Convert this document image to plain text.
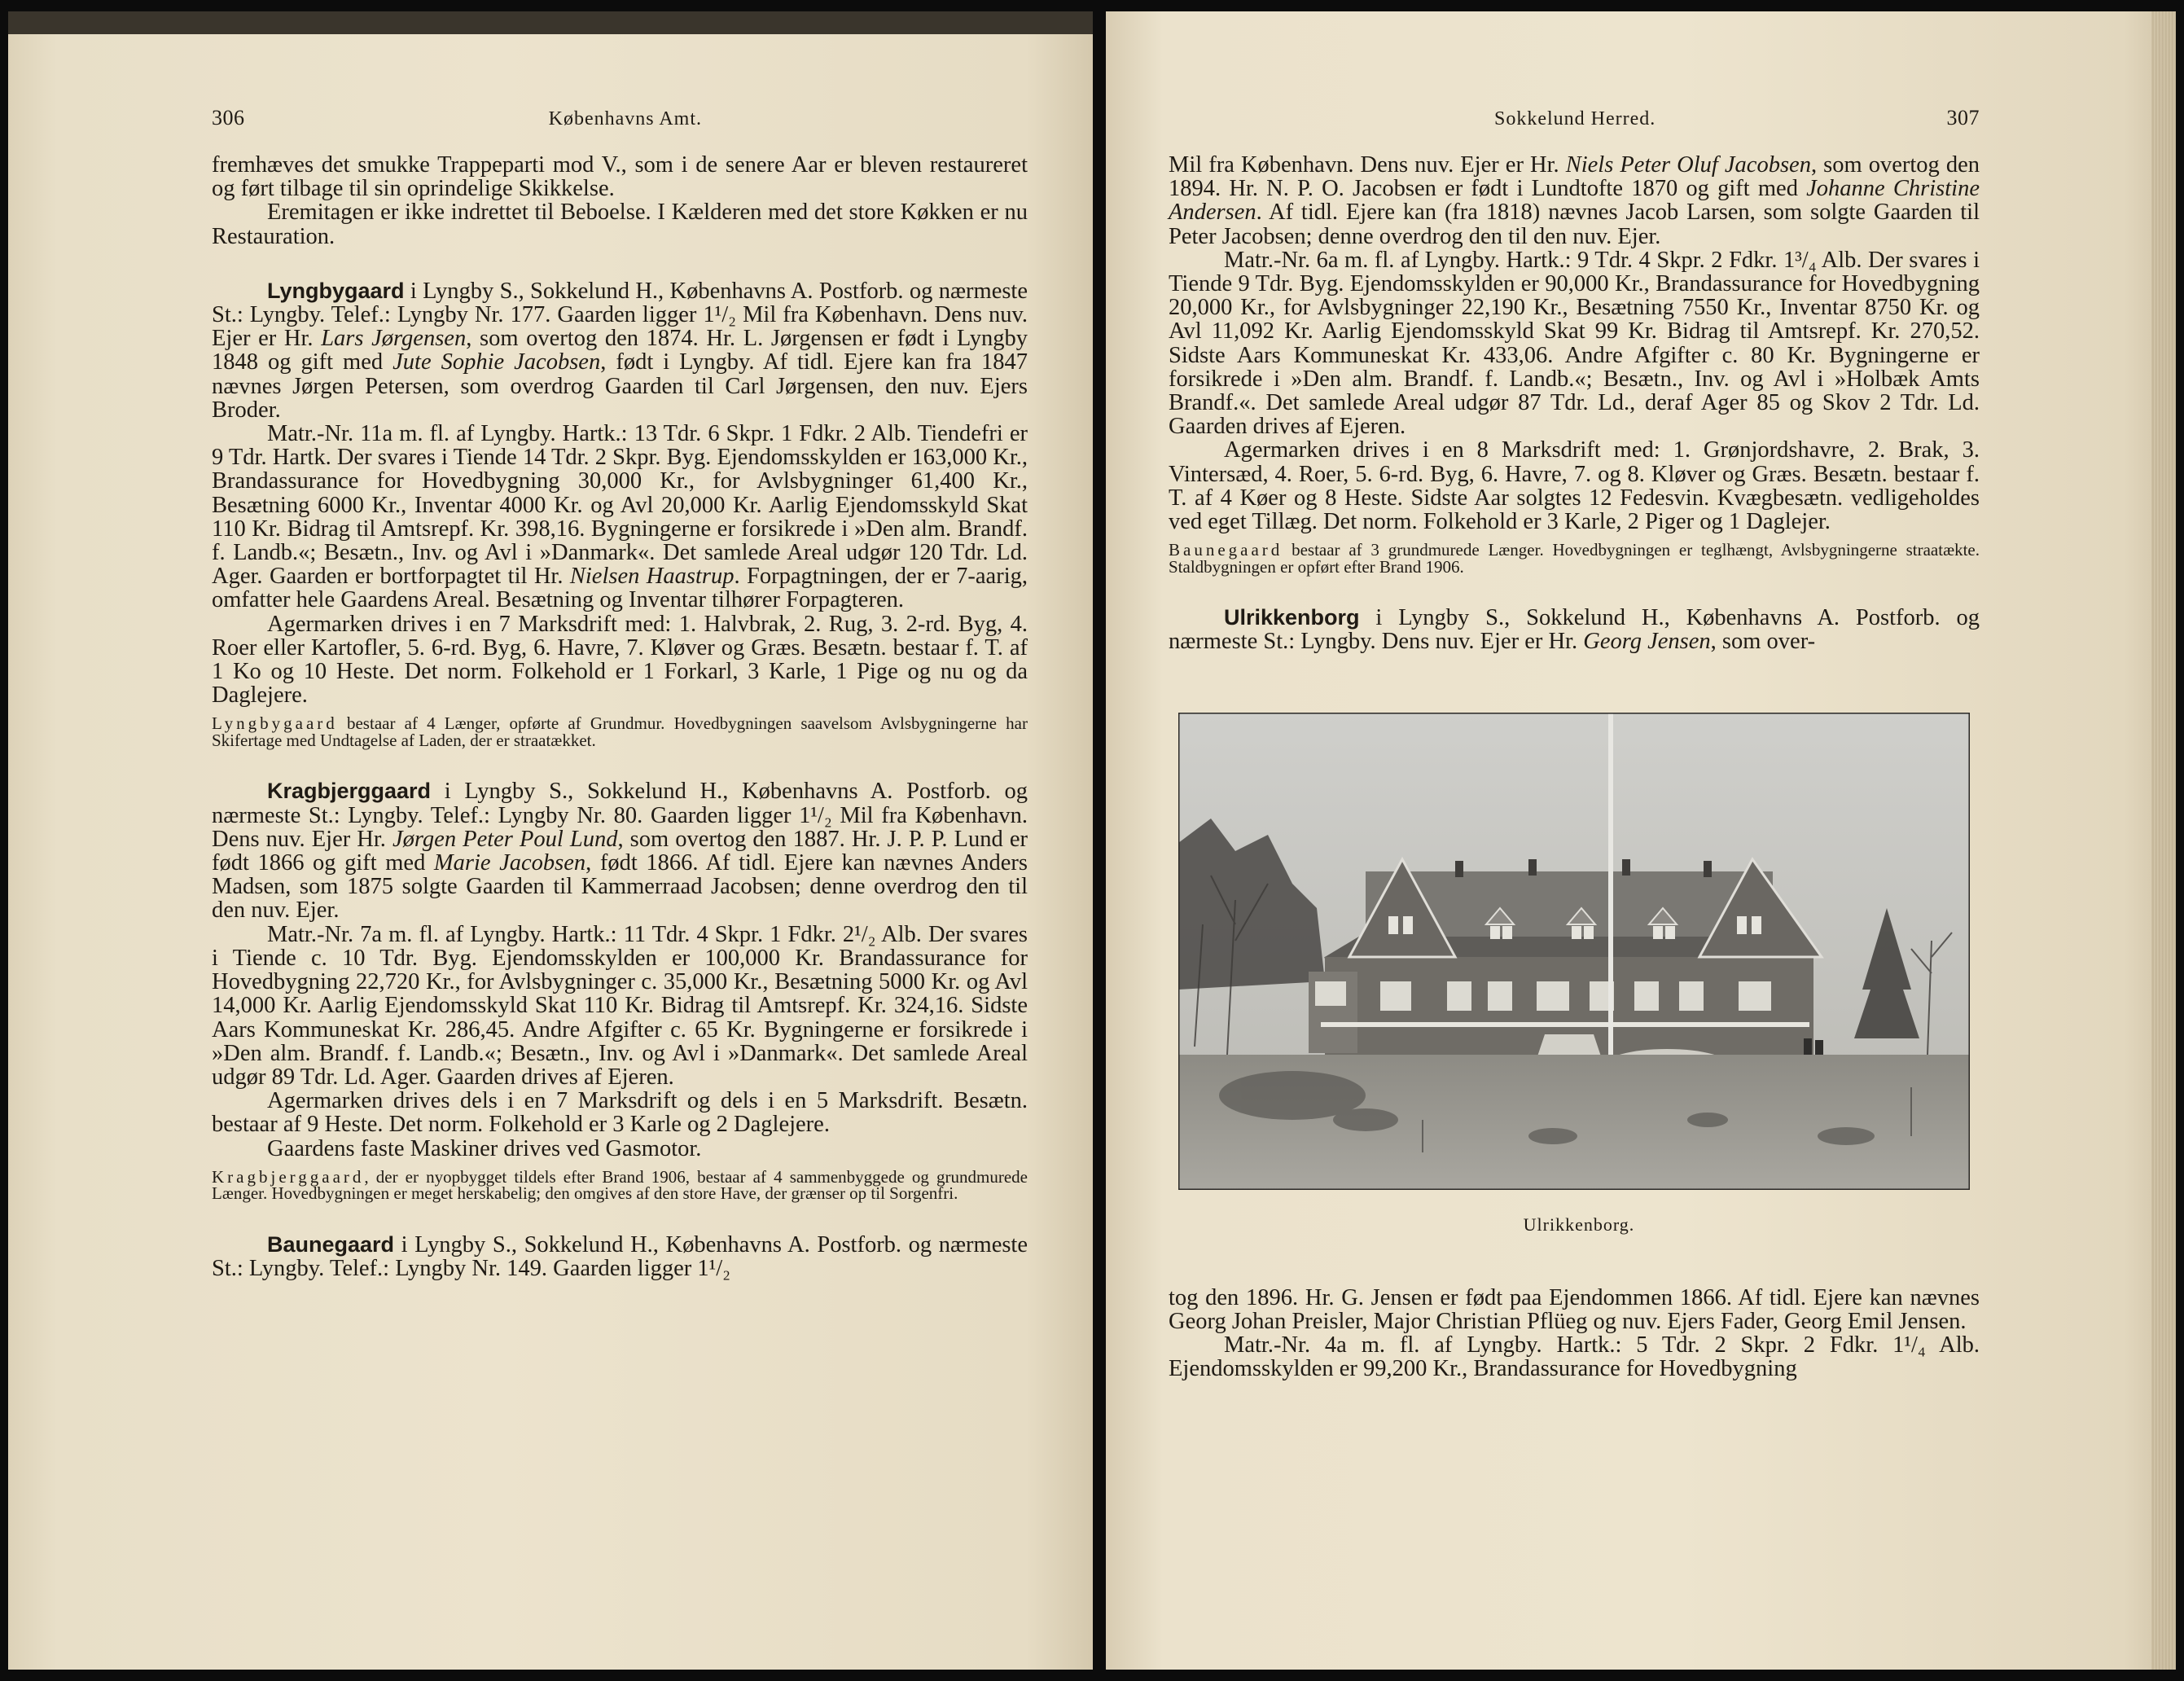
306	Københavns Amt.

fremhæves det smukke Trappeparti mod V., som i de senere Aar er bleven restaureret og ført tilbage til sin oprindelige Skikkelse.

Eremitagen er ikke indrettet til Beboelse. I Kælderen med det store Køkken er nu Restauration.

Lyngbygaard i Lyngby S., Sokkelund H., Københavns A. Postforb. og nærmeste St.: Lyngby. Telef.: Lyngby Nr. 177. Gaarden ligger 1¹/₂ Mil fra København. Dens nuv. Ejer er Hr. Lars Jørgensen, som overtog den 1874. Hr. L. Jørgensen er født i Lyngby 1848 og gift med Jute Sophie Jacobsen, født i Lyngby. Af tidl. Ejere kan fra 1847 nævnes Jørgen Petersen, som overdrog Gaarden til Carl Jørgensen, den nuv. Ejers Broder.

Matr.-Nr. 11a m. fl. af Lyngby. Hartk.: 13 Tdr. 6 Skpr. 1 Fdkr. 2 Alb. Tiendefri er 9 Tdr. Hartk. Der svares i Tiende 14 Tdr. 2 Skpr. Byg. Ejendomsskylden er 163,000 Kr., Brandassurance for Hovedbygning 30,000 Kr., for Avlsbygninger 61,400 Kr., Besætning 6000 Kr., Inventar 4000 Kr. og Avl 20,000 Kr. Aarlig Ejendomsskyld Skat 110 Kr. Bidrag til Amtsrepf. Kr. 398,16. Bygningerne er forsikrede i »Den alm. Brandf. f. Landb.«; Besætn., Inv. og Avl i »Danmark«. Det samlede Areal udgør 120 Tdr. Ld. Ager. Gaarden er bortforpagtet til Hr. Nielsen Haastrup. Forpagtningen, der er 7-aarig, omfatter hele Gaardens Areal. Besætning og Inventar tilhører Forpagteren.

Agermarken drives i en 7 Marksdrift med: 1. Halvbrak, 2. Rug, 3. 2-rd. Byg, 4. Roer eller Kartofler, 5. 6-rd. Byg, 6. Havre, 7. Kløver og Græs. Besætn. bestaar f. T. af 1 Ko og 10 Heste. Det norm. Folkehold er 1 Forkarl, 3 Karle, 1 Pige og nu og da Daglejere.

Lyngbygaard bestaar af 4 Længer, opførte af Grundmur. Hovedbygningen saavelsom Avlsbygningerne har Skifertage med Undtagelse af Laden, der er straatækket.

Kragbjerggaard i Lyngby S., Sokkelund H., Københavns A. Postforb. og nærmeste St.: Lyngby. Telef.: Lyngby Nr. 80. Gaarden ligger 1¹/₂ Mil fra København. Dens nuv. Ejer Hr. Jørgen Peter Poul Lund, som overtog den 1887. Hr. J. P. P. Lund er født 1866 og gift med Marie Jacobsen, født 1866. Af tidl. Ejere kan nævnes Anders Madsen, som 1875 solgte Gaarden til Kammerraad Jacobsen; denne overdrog den til den nuv. Ejer.

Matr.-Nr. 7a m. fl. af Lyngby. Hartk.: 11 Tdr. 4 Skpr. 1 Fdkr. 2¹/₂ Alb. Der svares i Tiende c. 10 Tdr. Byg. Ejendomsskylden er 100,000 Kr. Brandassurance for Hovedbygning 22,720 Kr., for Avlsbygninger c. 35,000 Kr., Besætning 5000 Kr. og Avl 14,000 Kr. Aarlig Ejendomsskyld Skat 110 Kr. Bidrag til Amtsrepf. Kr. 324,16. Sidste Aars Kommuneskat Kr. 286,45. Andre Afgifter c. 65 Kr. Bygningerne er forsikrede i »Den alm. Brandf. f. Landb.«; Besætn., Inv. og Avl i »Danmark«. Det samlede Areal udgør 89 Tdr. Ld. Ager. Gaarden drives af Ejeren.

Agermarken drives dels i en 7 Marksdrift og dels i en 5 Marksdrift. Besætn. bestaar af 9 Heste. Det norm. Folkehold er 3 Karle og 2 Daglejere.

Gaardens faste Maskiner drives ved Gasmotor.

Kragbjerggaard, der er nyopbygget tildels efter Brand 1906, bestaar af 4 sammenbyggede og grundmurede Længer. Hovedbygningen er meget herskabelig; den omgives af den store Have, der grænser op til Sorgenfri.

Baunegaard i Lyngby S., Sokkelund H., Københavns A. Postforb. og nærmeste St.: Lyngby. Telef.: Lyngby Nr. 149. Gaarden ligger 1¹/₂

Sokkelund Herred.	307

Mil fra København. Dens nuv. Ejer er Hr. Niels Peter Oluf Jacobsen, som overtog den 1894. Hr. N. P. O. Jacobsen er født i Lundtofte 1870 og gift med Johanne Christine Andersen. Af tidl. Ejere kan (fra 1818) nævnes Jacob Larsen, som solgte Gaarden til Peter Jacobsen; denne overdrog den til den nuv. Ejer.

Matr.-Nr. 6a m. fl. af Lyngby. Hartk.: 9 Tdr. 4 Skpr. 2 Fdkr. 1³/₄ Alb. Der svares i Tiende 9 Tdr. Byg. Ejendomsskylden er 90,000 Kr., Brandassurance for Hovedbygning 20,000 Kr., for Avlsbygninger 22,190 Kr., Besætning 7550 Kr., Inventar 8750 Kr. og Avl 11,092 Kr. Aarlig Ejendomsskyld Skat 99 Kr. Bidrag til Amtsrepf. Kr. 270,52. Sidste Aars Kommuneskat Kr. 433,06. Andre Afgifter c. 80 Kr. Bygningerne er forsikrede i »Den alm. Brandf. f. Landb.«; Besætn., Inv. og Avl i »Holbæk Amts Brandf.«. Det samlede Areal udgør 87 Tdr. Ld., deraf Ager 85 og Skov 2 Tdr. Ld. Gaarden drives af Ejeren.

Agermarken drives i en 8 Marksdrift med: 1. Grønjordshavre, 2. Brak, 3. Vintersæd, 4. Roer, 5. 6-rd. Byg, 6. Havre, 7. og 8. Kløver og Græs. Besætn. bestaar f. T. af 4 Køer og 8 Heste. Sidste Aar solgtes 12 Fedesvin. Kvægbesætn. vedligeholdes ved eget Tillæg. Det norm. Folkehold er 3 Karle, 2 Piger og 1 Daglejer.

Baunegaard bestaar af 3 grundmurede Længer. Hovedbygningen er teglhængt, Avlsbygningerne straatækte. Staldbygningen er opført efter Brand 1906.

Ulrikkenborg i Lyngby S., Sokkelund H., Københavns A. Postforb. og nærmeste St.: Lyngby. Dens nuv. Ejer er Hr. Georg Jensen, som over-

Ulrikkenborg.

tog den 1896. Hr. G. Jensen er født paa Ejendommen 1866. Af tidl. Ejere kan nævnes Georg Johan Preisler, Major Christian Pflüeg og nuv. Ejers Fader, Georg Emil Jensen.

Matr.-Nr. 4a m. fl. af Lyngby. Hartk.: 5 Tdr. 2 Skpr. 2 Fdkr. 1¹/₄ Alb. Ejendomsskylden er 99,200 Kr., Brandassurance for Hovedbygning
